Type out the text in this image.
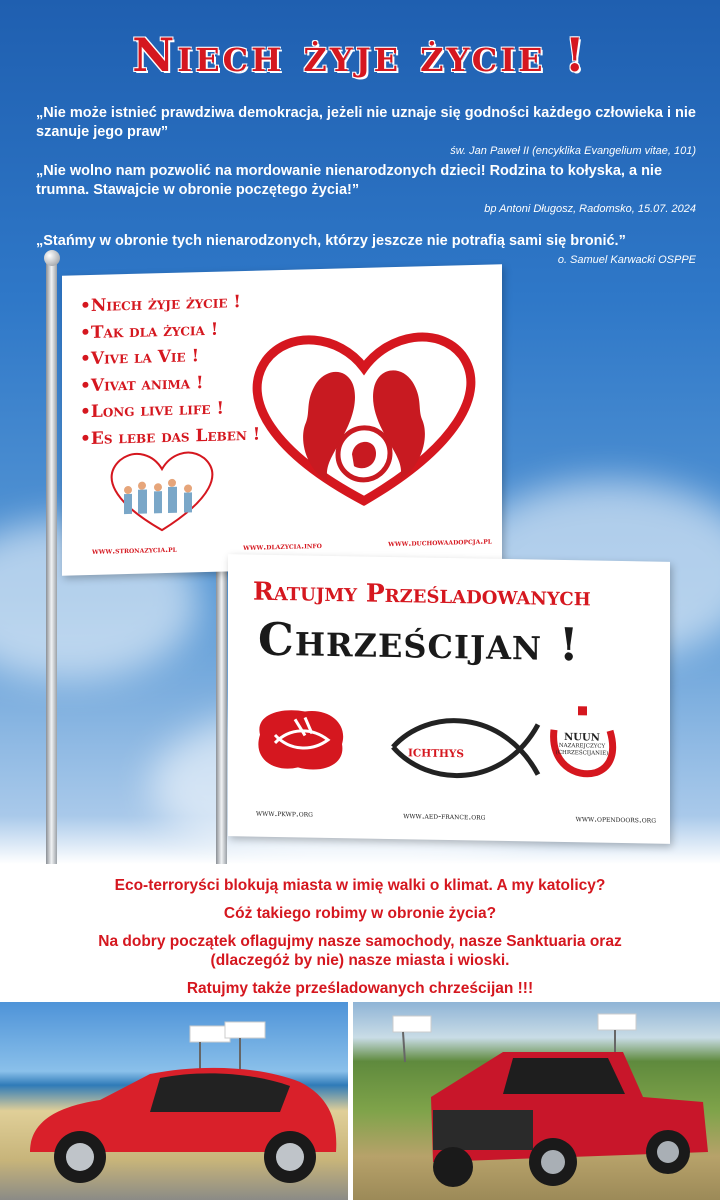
Niech żyje życie !
„Nie może istnieć prawdziwa demokracja, jeżeli nie uznaje się godności każdego człowieka i nie szanuje jego praw”
św. Jan Paweł II (encyklika Evangelium vitae, 101)
„Nie wolno nam pozwolić na mordowanie nienarodzonych dzieci! Rodzina to kołyska, a nie trumna. Stawajcie w obronie poczętego życia!”
bp Antoni Długosz, Radomsko, 15.07. 2024
„Stańmy w obronie tych nienarodzonych, którzy jeszcze nie potrafią sami się bronić.”
o. Samuel Karwacki OSPPE
• Niech żyje życie !
• Tak dla życia !
• Vive la Vie !
• Vivat anima !
• Long live life !
• Es lebe das Leben !
www.stronazycia.pl	www.dlazycia.info	www.duchowaadopcja.pl
Ratujmy Prześladowanych
Chrześcijan !
ICHTHYS
NUUN
NAZAREJCZYCY (CHRZEŚCIJANIE)
www.pkwp.org	www.aed-france.org	www.opendoors.org

Eco-terroryści blokują miasta w imię walki o klimat. A my katolicy?

Cóż takiego robimy w obronie życia?

Na dobry początek oflagujmy nasze samochody, nasze Sanktuaria oraz (dlaczegóż by nie) nasze miasta i wioski.

Ratujmy także prześladowanych chrześcijan !!!
